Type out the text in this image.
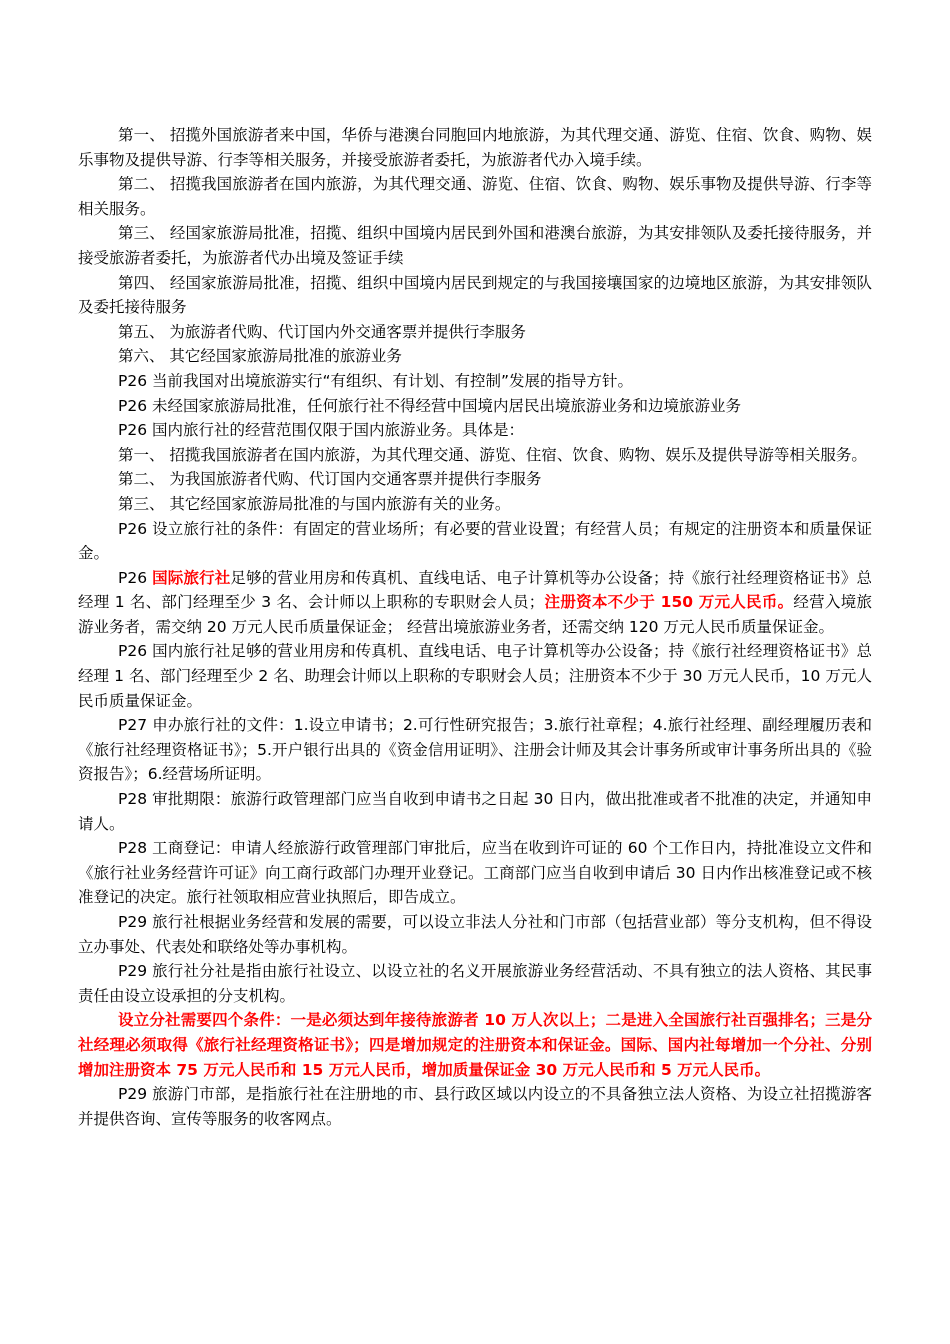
第一、 招揽外国旅游者来中国，华侨与港澳台同胞回内地旅游，为其代理交通、游览、住宿、饮食、购物、娱乐事物及提供导游、行李等相关服务，并接受旅游者委托，为旅游者代办入境手续。

第二、 招揽我国旅游者在国内旅游，为其代理交通、游览、住宿、饮食、购物、娱乐事物及提供导游、行李等相关服务。

第三、 经国家旅游局批准，招揽、组织中国境内居民到外国和港澳台旅游，为其安排领队及委托接待服务，并接受旅游者委托，为旅游者代办出境及签证手续

第四、 经国家旅游局批准，招揽、组织中国境内居民到规定的与我国接壤国家的边境地区旅游，为其安排领队及委托接待服务

第五、 为旅游者代购、代订国内外交通客票并提供行李服务

第六、 其它经国家旅游局批准的旅游业务

P26 当前我国对出境旅游实行“有组织、有计划、有控制”发展的指导方针。

P26 未经国家旅游局批准，任何旅行社不得经营中国境内居民出境旅游业务和边境旅游业务

P26 国内旅行社的经营范围仅限于国内旅游业务。具体是：

第一、 招揽我国旅游者在国内旅游，为其代理交通、游览、住宿、饮食、购物、娱乐及提供导游等相关服务。

第二、 为我国旅游者代购、代订国内交通客票并提供行李服务

第三、 其它经国家旅游局批准的与国内旅游有关的业务。

P26 设立旅行社的条件：有固定的营业场所；有必要的营业设置；有经营人员；有规定的注册资本和质量保证金。

P26 国际旅行社足够的营业用房和传真机、直线电话、电子计算机等办公设备；持《旅行社经理资格证书》总经理 1 名、部门经理至少 3 名、会计师以上职称的专职财会人员；注册资本不少于 150 万元人民币。经营入境旅游业务者，需交纳 20 万元人民币质量保证金； 经营出境旅游业务者，还需交纳 120 万元人民币质量保证金。

P26 国内旅行社足够的营业用房和传真机、直线电话、电子计算机等办公设备；持《旅行社经理资格证书》总经理 1 名、部门经理至少 2 名、助理会计师以上职称的专职财会人员；注册资本不少于 30 万元人民币，10 万元人民币质量保证金。

P27 申办旅行社的文件：1.设立申请书；2.可行性研究报告；3.旅行社章程；4.旅行社经理、副经理履历表和《旅行社经理资格证书》；5.开户银行出具的《资金信用证明》、注册会计师及其会计事务所或审计事务所出具的《验资报告》；6.经营场所证明。

P28 审批期限：旅游行政管理部门应当自收到申请书之日起 30 日内，做出批准或者不批准的决定，并通知申请人。

P28 工商登记：申请人经旅游行政管理部门审批后，应当在收到许可证的 60 个工作日内，持批准设立文件和《旅行社业务经营许可证》向工商行政部门办理开业登记。工商部门应当自收到申请后 30 日内作出核准登记或不核准登记的决定。旅行社领取相应营业执照后，即告成立。

P29 旅行社根据业务经营和发展的需要，可以设立非法人分社和门市部（包括营业部）等分支机构，但不得设立办事处、代表处和联络处等办事机构。

P29 旅行社分社是指由旅行社设立、以设立社的名义开展旅游业务经营活动、不具有独立的法人资格、其民事责任由设立设承担的分支机构。

设立分社需要四个条件：一是必须达到年接待旅游者 10 万人次以上；二是进入全国旅行社百强排名；三是分社经理必须取得《旅行社经理资格证书》；四是增加规定的注册资本和保证金。国际、国内社每增加一个分社、分别增加注册资本 75 万元人民币和 15 万元人民币，增加质量保证金 30 万元人民币和 5 万元人民币。

P29 旅游门市部，是指旅行社在注册地的市、县行政区域以内设立的不具备独立法人资格、为设立社招揽游客并提供咨询、宣传等服务的收客网点。
